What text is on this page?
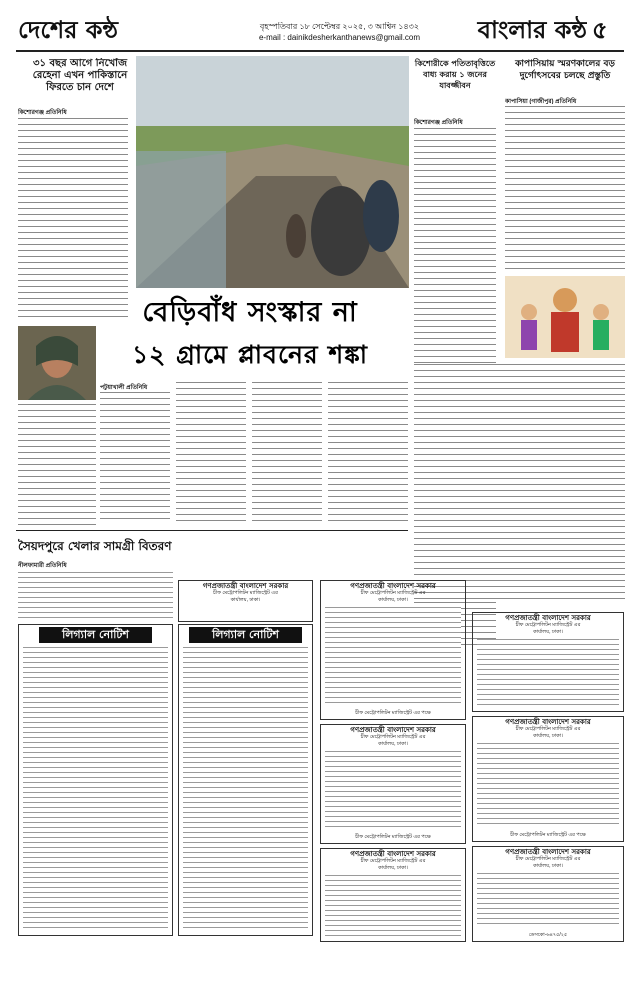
দেশের কন্ঠ	বৃহস্পতিবার ১৮ সেপ্টেম্বর ২০২৫, ৩ আশ্বিন ১৪৩২
e-mail : dainikdesherkanthanews@gmail.com	বাংলার কন্ঠ ৫
৩১ বছর আগে নিখোঁজ রেহেনা এখন পাকিস্তানে ফিরতে চান দেশে
কিশোরগঞ্জ প্রতিনিধি
কিশোরীকে পতিতাবৃত্তিতে বাধ্য করায় ১ জনের যাবজ্জীবন
কিশোরগঞ্জ প্রতিনিধি
কাপাসিয়ায় স্মরণকালের বড় দুর্গোৎসবের চলছে প্রস্তুতি
কাপাসিয়া (গাজীপুর) প্রতিনিধি
বেড়িবাঁধ সংস্কার না
১২ গ্রামে প্লাবনের শঙ্কা
পটুয়াখালী প্রতিনিধি
সৈয়দপুরে খেলার সামগ্রী বিতরণ
নীলফামারী প্রতিনিধি
লিগ্যাল নোটিশ	লিগ্যাল নোটিশ
গণপ্রজাতন্ত্রী বাংলাদেশ সরকার
চীফ মেট্রোপলিটন ম্যাজিস্ট্রেট এর
কার্যালয়, ঢাকা।
গণপ্রজাতন্ত্রী বাংলাদেশ সরকার
চীফ মেট্রোপলিটন ম্যাজিস্ট্রেট এর
কার্যালয়, ঢাকা।
চীফ মেট্রোপলিটন ম্যাজিস্ট্রেট এর পক্ষে
গণপ্রজাতন্ত্রী বাংলাদেশ সরকার
চীফ মেট্রোপলিটন ম্যাজিস্ট্রেট এর
কার্যালয়, ঢাকা।
চীফ মেট্রোপলিটন ম্যাজিস্ট্রেট এর পক্ষে
গণপ্রজাতন্ত্রী বাংলাদেশ সরকার
চীফ মেট্রোপলিটন ম্যাজিস্ট্রেট এর
কার্যালয়, ঢাকা।
গণপ্রজাতন্ত্রী বাংলাদেশ সরকার
চীফ মেট্রোপলিটন ম্যাজিস্ট্রেট এর
কার্যালয়, ঢাকা।
গণপ্রজাতন্ত্রী বাংলাদেশ সরকার
চীফ মেট্রোপলিটন ম্যাজিস্ট্রেট এর
কার্যালয়, ঢাকা।
চীফ মেট্রোপলিটন ম্যাজিস্ট্রেট এর পক্ষে
গণপ্রজাতন্ত্রী বাংলাদেশ সরকার
চীফ মেট্রোপলিটন ম্যাজিস্ট্রেট এর
কার্যালয়, ঢাকা।
ডেসকো-৬৪৭৫/২৫
